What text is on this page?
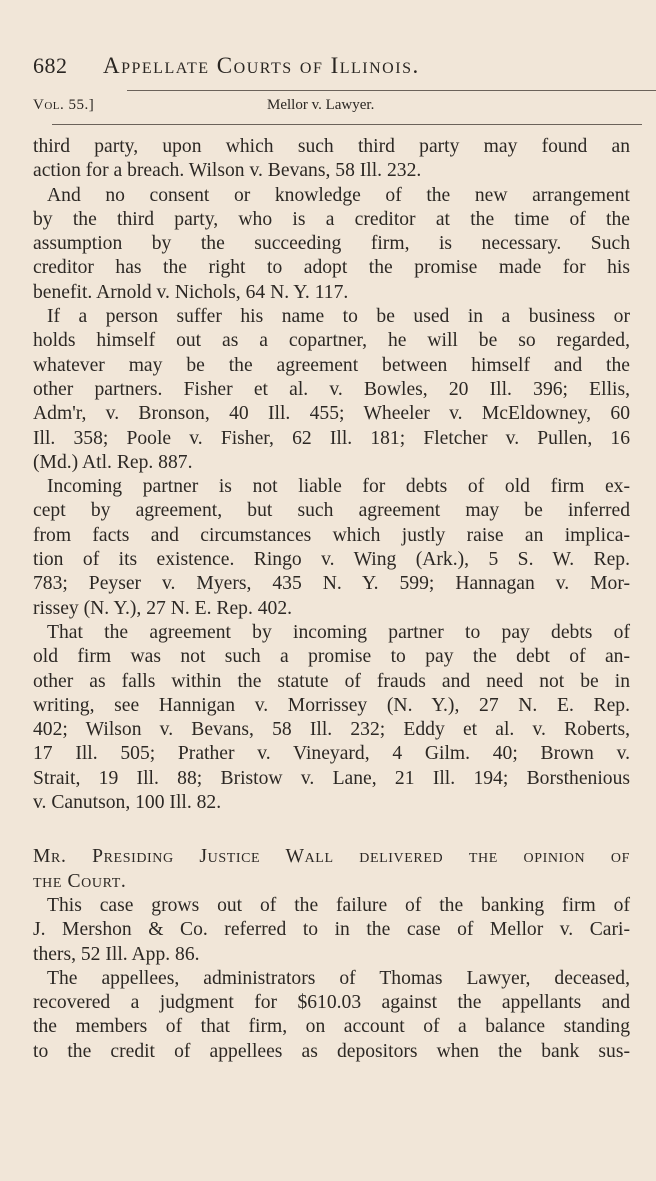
682	Appellate Courts of Illinois.
Vol. 55.]	Mellor v. Lawyer.
third party, upon which such third party may found an
action for a breach. Wilson v. Bevans, 58 Ill. 232.
And no consent or knowledge of the new arrangement
by the third party, who is a creditor at the time of the
assumption by the succeeding firm, is necessary. Such
creditor has the right to adopt the promise made for his
benefit. Arnold v. Nichols, 64 N. Y. 117.
If a person suffer his name to be used in a business or
holds himself out as a copartner, he will be so regarded,
whatever may be the agreement between himself and the
other partners. Fisher et al. v. Bowles, 20 Ill. 396; Ellis,
Adm'r, v. Bronson, 40 Ill. 455; Wheeler v. McEldowney, 60
Ill. 358; Poole v. Fisher, 62 Ill. 181; Fletcher v. Pullen, 16
(Md.) Atl. Rep. 887.
Incoming partner is not liable for debts of old firm ex-
cept by agreement, but such agreement may be inferred
from facts and circumstances which justly raise an implica-
tion of its existence. Ringo v. Wing (Ark.), 5 S. W. Rep.
783; Peyser v. Myers, 435 N. Y. 599; Hannagan v. Mor-
rissey (N. Y.), 27 N. E. Rep. 402.
That the agreement by incoming partner to pay debts of
old firm was not such a promise to pay the debt of an-
other as falls within the statute of frauds and need not be in
writing, see Hannigan v. Morrissey (N. Y.), 27 N. E. Rep.
402; Wilson v. Bevans, 58 Ill. 232; Eddy et al. v. Roberts,
17 Ill. 505; Prather v. Vineyard, 4 Gilm. 40; Brown v.
Strait, 19 Ill. 88; Bristow v. Lane, 21 Ill. 194; Borsthenious
v. Canutson, 100 Ill. 82.
Mr. Presiding Justice Wall delivered the opinion of
the Court.
This case grows out of the failure of the banking firm of
J. Mershon & Co. referred to in the case of Mellor v. Cari-
thers, 52 Ill. App. 86.
The appellees, administrators of Thomas Lawyer, deceased,
recovered a judgment for $610.03 against the appellants and
the members of that firm, on account of a balance standing
to the credit of appellees as depositors when the bank sus-
